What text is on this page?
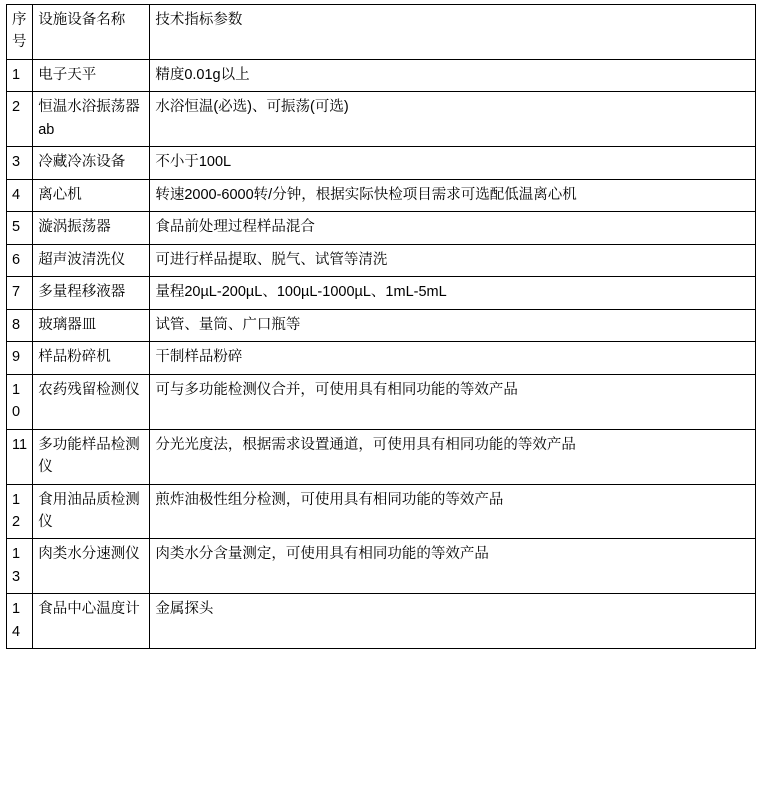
序
号	设施设备名称	技术指标参数
1	电子天平	精度0.01g以上
2	恒温水浴振荡器ab	水浴恒温(必选)、可振荡(可选)
3	冷藏冷冻设备	不小于100L
4	离心机	转速2000-6000转/分钟，根据实际快检项目需求可选配低温离心机
5	漩涡振荡器	食品前处理过程样品混合
6	超声波清洗仪	可进行样品提取、脱气、试管等清洗
7	多量程移液器	量程20µL-200µL、100µL-1000µL、1mL-5mL
8	玻璃器皿	试管、量筒、广口瓶等
9	样品粉碎机	干制样品粉碎
10	农药残留检测仪	可与多功能检测仪合并，可使用具有相同功能的等效产品
11	多功能样品检测仪	分光光度法，根据需求设置通道，可使用具有相同功能的等效产品
12	食用油品质检测仪	煎炸油极性组分检测，可使用具有相同功能的等效产品
13	肉类水分速测仪	肉类水分含量测定，可使用具有相同功能的等效产品
14	食品中心温度计	金属探头
